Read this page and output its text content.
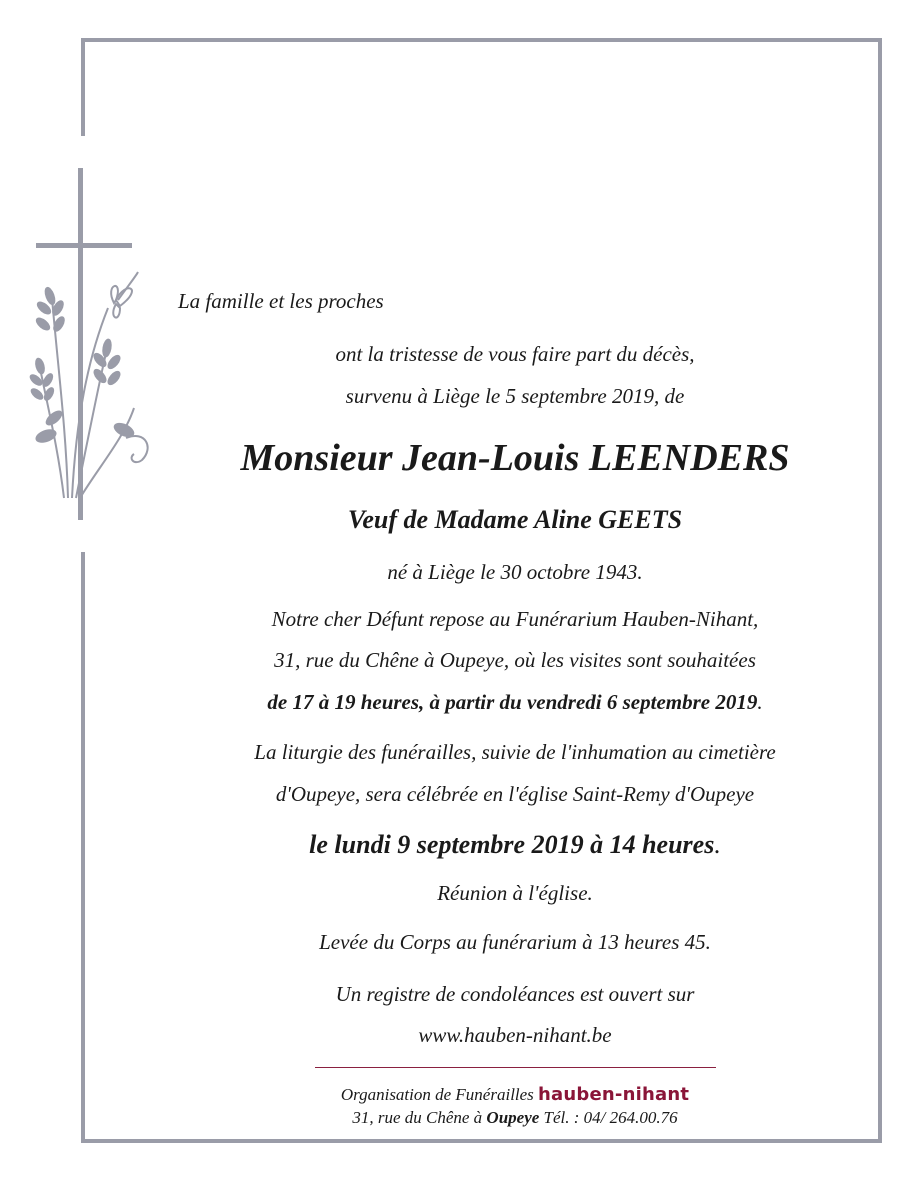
La famille et les proches
ont la tristesse de vous faire part du décès,
survenu à Liège le 5 septembre 2019, de
Monsieur Jean-Louis LEENDERS
Veuf de Madame Aline GEETS
né à Liège le 30 octobre 1943.
Notre cher Défunt repose au Funérarium Hauben-Nihant,
31, rue du Chêne à Oupeye, où les visites sont souhaitées
de 17 à 19 heures, à partir du vendredi 6 septembre 2019.
La liturgie des funérailles, suivie de l'inhumation au cimetière
d'Oupeye, sera célébrée en l'église Saint-Remy d'Oupeye
le lundi 9 septembre 2019 à 14 heures.
Réunion à l'église.
Levée du Corps au funérarium à 13 heures 45.
Un registre de condoléances est ouvert sur
www.hauben-nihant.be
Organisation de Funérailles hauben-nihant
31, rue du Chêne à Oupeye Tél. : 04/ 264.00.76
